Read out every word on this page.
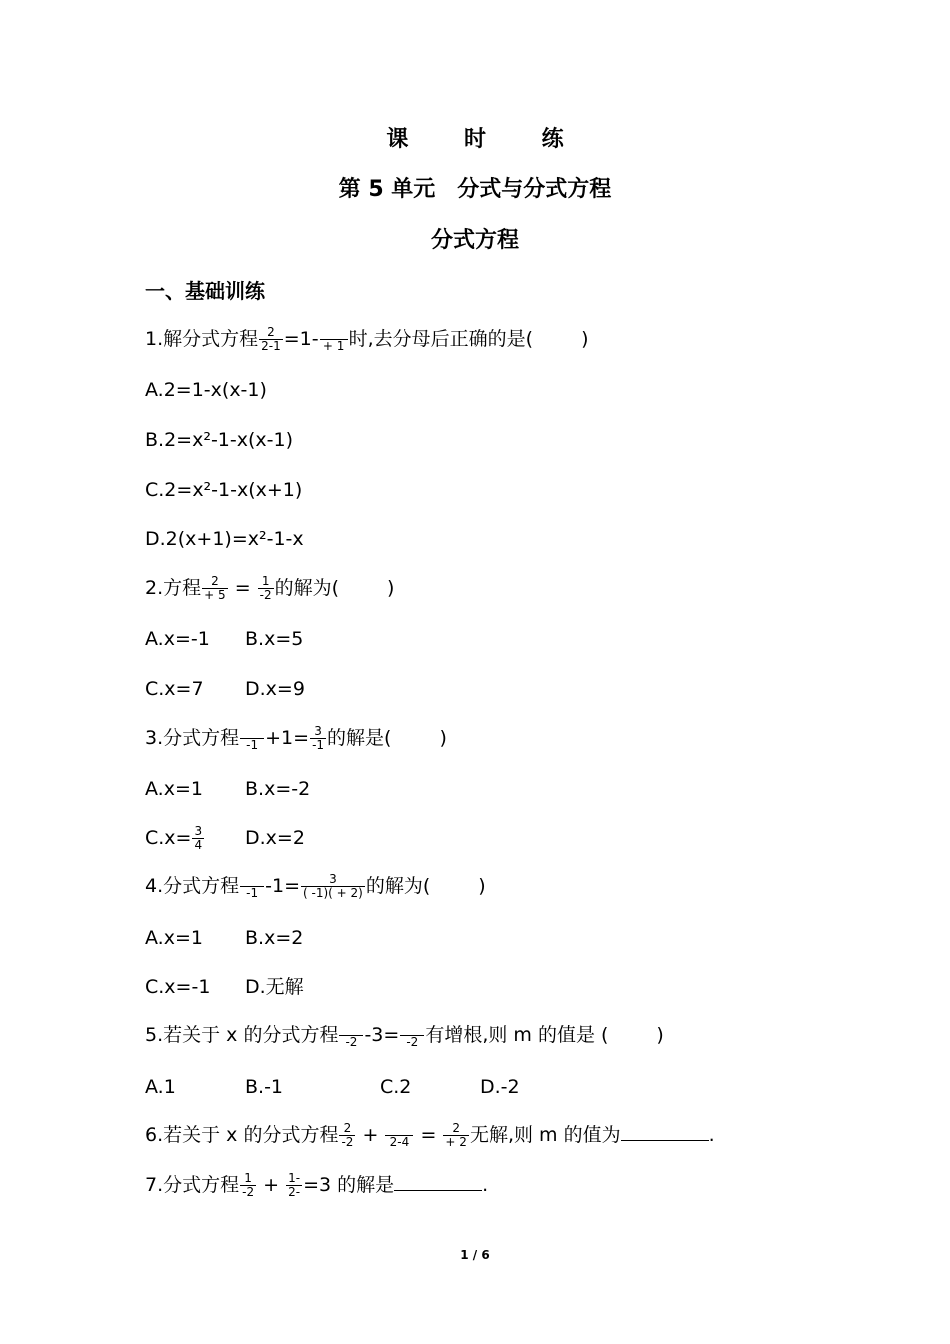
课 时 练
第 5 单元　分式与分式方程
分式方程
一、基础训练
1.解分式方程 $\frac{2}{2-1} =1- + 1$ 时,去分母后正确的是(	)
A.2=1-x(x-1)
B.2=x²-1-x(x-1)
C.2=x²-1-x(x+1)
D.2(x+1)=x²-1-x
2.方程 $\frac{2}{+ 5} = \frac{1}{-2}$ 的解为(	)
A.x=-1 B.x=5
C.x=7 D.x=9
3.分式方程 $-1 +1= \frac{3}{-1}$ 的解是(	)
A.x=1 B.x=-2
$C.x= \frac{3}{4} D.x=2$
4.分式方程 -1 $-1= \frac{3}{( -1)( + 2)}$ 的解为(	)
A.x=1 B.x=2
C.x=-1 D.无解
5.若关于 x 的分式方程 -2 -3= -2 有增根,则 m 的值是 (	)
A.1	B.-1	C.2	D.-2
6.若关于 x 的分式方程 $\frac{2}{-2} + 2-4 = \frac{2}{+ 2}$ 无解,则 m 的值为	.
7.分式方程 $\frac{1}{-2} + \frac{1-}{2-} =3$ 的解是	.
1 / 6
